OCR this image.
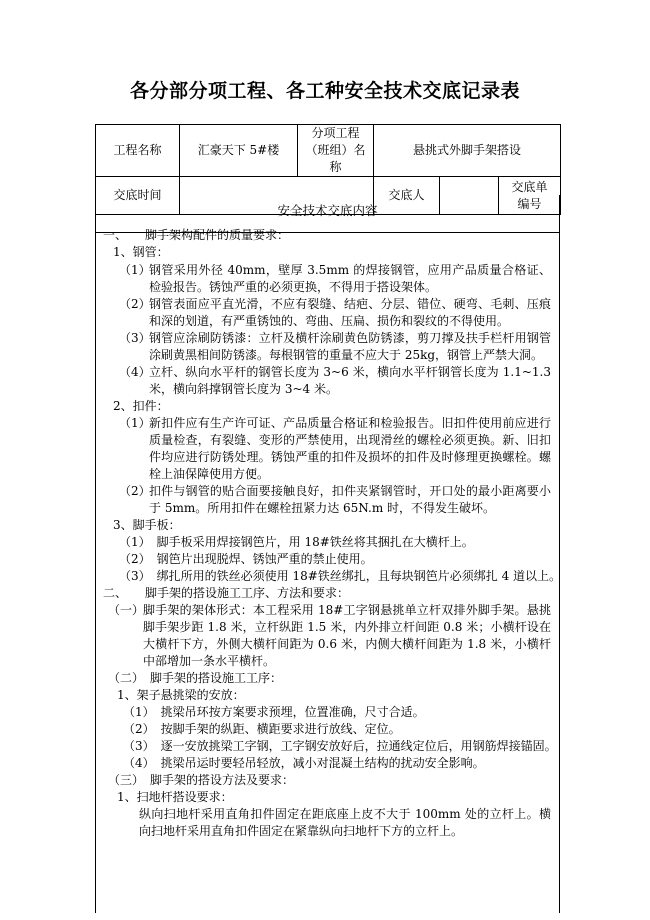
各分部分项工程、各工种安全技术交底记录表
工程名称	汇豪天下 5#楼	分项工程（班组）名称	悬挑式外脚手架搭设		
交底时间			交底人		交底单编号
安全技术交底内容
一、　　脚手架构配件的质量要求：
1、钢管：
（1）
钢管采用外径 40mm，壁厚 3.5mm 的焊接钢管，应用产品质量合格证、检验报告。锈蚀严重的必须更换，不得用于搭设架体。
（2）
钢管表面应平直光滑，不应有裂缝、结疤、分层、错位、硬弯、毛刺、压痕和深的划道，有严重锈蚀的、弯曲、压扁、损伤和裂纹的不得使用。
（3）
钢管应涂刷防锈漆：立杆及横杆涂刷黄色防锈漆，剪刀撑及扶手栏杆用钢管涂刷黄黑相间防锈漆。每根钢管的重量不应大于 25kg，钢管上严禁大洞。
（4）
立杆、纵向水平杆的钢管长度为 3~6 米，横向水平杆钢管长度为 1.1~1.3 米，横向斜撑钢管长度为 3~4 米。
2、扣件：
（1）
新扣件应有生产许可证、产品质量合格证和检验报告。旧扣件使用前应进行质量检查，有裂缝、变形的严禁使用，出现滑丝的螺栓必须更换。新、旧扣件均应进行防锈处理。锈蚀严重的扣件及损坏的扣件及时修理更换螺栓。螺栓上油保障使用方便。
（2）
扣件与钢管的贴合面要接触良好，扣件夹紧钢管时，开口处的最小距离要小于 5mm。所用扣件在螺栓扭紧力达 65N.m 时，不得发生破坏。
3、脚手板：
（1）　脚手板采用焊接钢笆片，用 18#铁丝将其捆扎在大横杆上。
（2）　钢笆片出现脱焊、锈蚀严重的禁止使用。
（3）　绑扎所用的铁丝必须使用 18#铁丝绑扎，且每块钢笆片必须绑扎 4 道以上。
二、　　脚手架的搭设施工工序、方法和要求：
（一）
脚手架的架体形式：本工程采用 18#工字钢悬挑单立杆双排外脚手架。悬挑脚手架步距 1.8 米，立杆纵距 1.5 米，内外排立杆间距 0.8 米；小横杆设在大横杆下方，外侧大横杆间距为 0.6 米，内侧大横杆间距为 1.8 米，小横杆中部增加一条水平横杆。
（二）　脚手架的搭设施工工序：
1、架子悬挑梁的安放：
（1）　挑梁吊环按方案要求预埋，位置准确，尺寸合适。
（2）　按脚手架的纵距、横距要求进行放线、定位。
（3）　逐一安放挑梁工字钢，工字钢安放好后，拉通线定位后，用钢筋焊接锚固。
（4）　挑梁吊运时要轻吊轻放，减小对混凝土结构的扰动安全影响。
（三）　脚手架的搭设方法及要求：
1、扫地杆搭设要求：
纵向扫地杆采用直角扣件固定在距底座上皮不大于 100mm 处的立杆上。横向扫地杆采用直角扣件固定在紧靠纵向扫地杆下方的立杆上。
